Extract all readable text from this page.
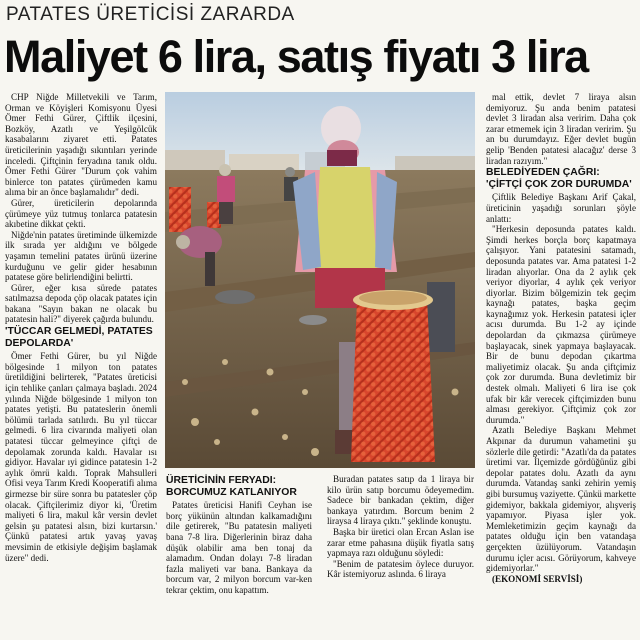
PATATES ÜRETİCİSİ ZARARDA
Maliyet 6 lira, satış fiyatı 3 lira

CHP Niğde Milletvekili ve Tarım, Orman ve Köyişleri Komisyonu Üyesi Ömer Fethi Gürer, Çiftlik ilçesini, Bozköy, Azatlı ve Yeşilgölcük kasabalarını ziyaret etti. Patates üreticilerinin yaşadığı sıkıntıları yerinde inceledi. Çiftçinin feryadına tanık oldu. Ömer Fethi Gürer "Durum çok vahim binlerce ton patates çürümeden kamu alıma bir an önce başlamalıdır" dedi.

Gürer, üreticilerin depolarında çürümeye yüz tutmuş tonlarca patatesin akıbetine dikkat çekti.

Niğde'nin patates üretiminde ülkemizde ilk sırada yer aldığını ve bölgede yaşamın temelini patates ürünü üzerine kurduğunu ve gelir gider hesabının patatese göre belirlendiğini belirtti.

Gürer, eğer kısa sürede patates satılmazsa depoda çöp olacak patates için bakana "Sayın bakan ne olacak bu patatesin hali?" diyerek çağırda bulundu.

'TÜCCAR GELMEDİ, PATATES DEPOLARDA'

Ömer Fethi Gürer, bu yıl Niğde bölgesinde 1 milyon ton patates üretildiğini belirterek, "Patates üreticisi için tehlike çanları çalmaya başladı. 2024 yılında Niğde bölgesinde 1 milyon ton patates yetişti. Bu patateslerin önemli bölümü tarlada satılırdı. Bu yıl tüccar gelmedi. 6 lira civarında maliyeti olan patatesi tüccar gelmeyince çiftçi de depolamak zorunda kaldı. Havalar ısı gidiyor. Havalar ıyi gidince patatesin 1-2 aylık ömrü kaldı. Toprak Mahsulleri Ofisi veya Tarım Kredi Kooperatifi alıma girmezse bir süre sonra bu patatesler çöp olacak. Çiftçilerimiz diyor ki, 'Üretim maliyeti 6 lira, makul kâr versin devlet gelsin şu patatesi alsın, bizi kurtarsın.' Çünkü patatesi artık yavaş yavaş mevsimin de etkisiyle değişim başlamak üzere" dedi.

ÜRETİCİNİN FERYADI: BORCUMUZ KATLANIYOR

Patates üreticisi Hanifi Ceyhan ise borç yükünün altından kalkamadığını dile getirerek, "Bu patatesin maliyeti bana 7-8 lira. Diğerlerinin biraz daha düşük olabilir ama ben tonaj da alamadım. Ondan dolayı 7-8 liradan fazla maliyeti var bana. Bankaya da borcum var, 2 milyon borcum var-ken tekrar çektim, onu kapattım.

Buradan patates satıp da 1 liraya bir kilo ürün satıp borcumu ödeyemedim. Sadece bir bankadan çektim, diğer bankaya yatırdım. Borcum benim 2 liraysa 4 liraya çıktı." şeklinde konuştu.

Başka bir üretici olan Ercan Aslan ise zarar etme pahasına düşük fiyatla satış yapmaya razı olduğunu söyledi:

"Benim de patatesim öylece duruyor. Kâr istemiyoruz aslında. 6 liraya

mal ettik, devlet 7 liraya alsın demiyoruz. Şu anda benim patatesi devlet 3 liradan alsa veririm. Daha çok zarar etmemek için 3 liradan veririm. Şu an bu durumdayız. Eğer devlet bugün gelip 'Benden patatesi alacağız' derse 3 liradan razıyım."

BELEDİYEDEN ÇAĞRI: 'ÇİFTÇİ ÇOK ZOR DURUMDA'

Çiftlik Belediye Başkanı Arif Çakal, üreticinin yaşadığı sorunları şöyle anlattı:

"Herkesin deposunda patates kaldı. Şimdi herkes borçla borç kapatmaya çalışıyor. Yani patatesini satamadı, deposunda patates var. Ama patatesi 1-2 liradan alıyorlar. Ona da 2 aylık çek veriyor diyorlar, 4 aylık çek veriyor diyorlar. Bizim bölgemizin tek geçim kaynağı patates, başka geçim kaynağımız yok. Herkesin patatesi içler acısı durumda. Bu 1-2 ay içinde depolardan da çıkmazsa çürümeye başlayacak, sinek yapmaya başlayacak. Bir de bunu depodan çıkartma maliyetimiz olacak. Şu anda çiftçimiz çok zor durumda. Buna devletimiz bir destek olmalı. Maliyeti 6 lira ise çok ufak bir kâr verecek çiftçimizden bunu alması gerekiyor. Çiftçimiz çok zor durumda."

Azatlı Belediye Başkanı Mehmet Akpınar da durumun vahametini şu sözlerle dile getirdi: "Azatlı'da da patates üretimi var. İlçemizde gördüğünüz gibi depolar patates dolu. Azatlı da aynı durumda. Vatandaş sanki zehirin yemiş gibi bursumuş vaziyette. Çünkü markette gidemiyor, bakkala gidemiyor, alışveriş yapamıyor. Piyasa işler yok. Memleketimizin geçim kaynağı da patates olduğu için ben vatandaşa gerçekten üzülüyorum. Vatandaşın durumu içler acısı. Görüyorum, kahveye gidemiyorlar."

(EKONOMİ SERVİSİ)
